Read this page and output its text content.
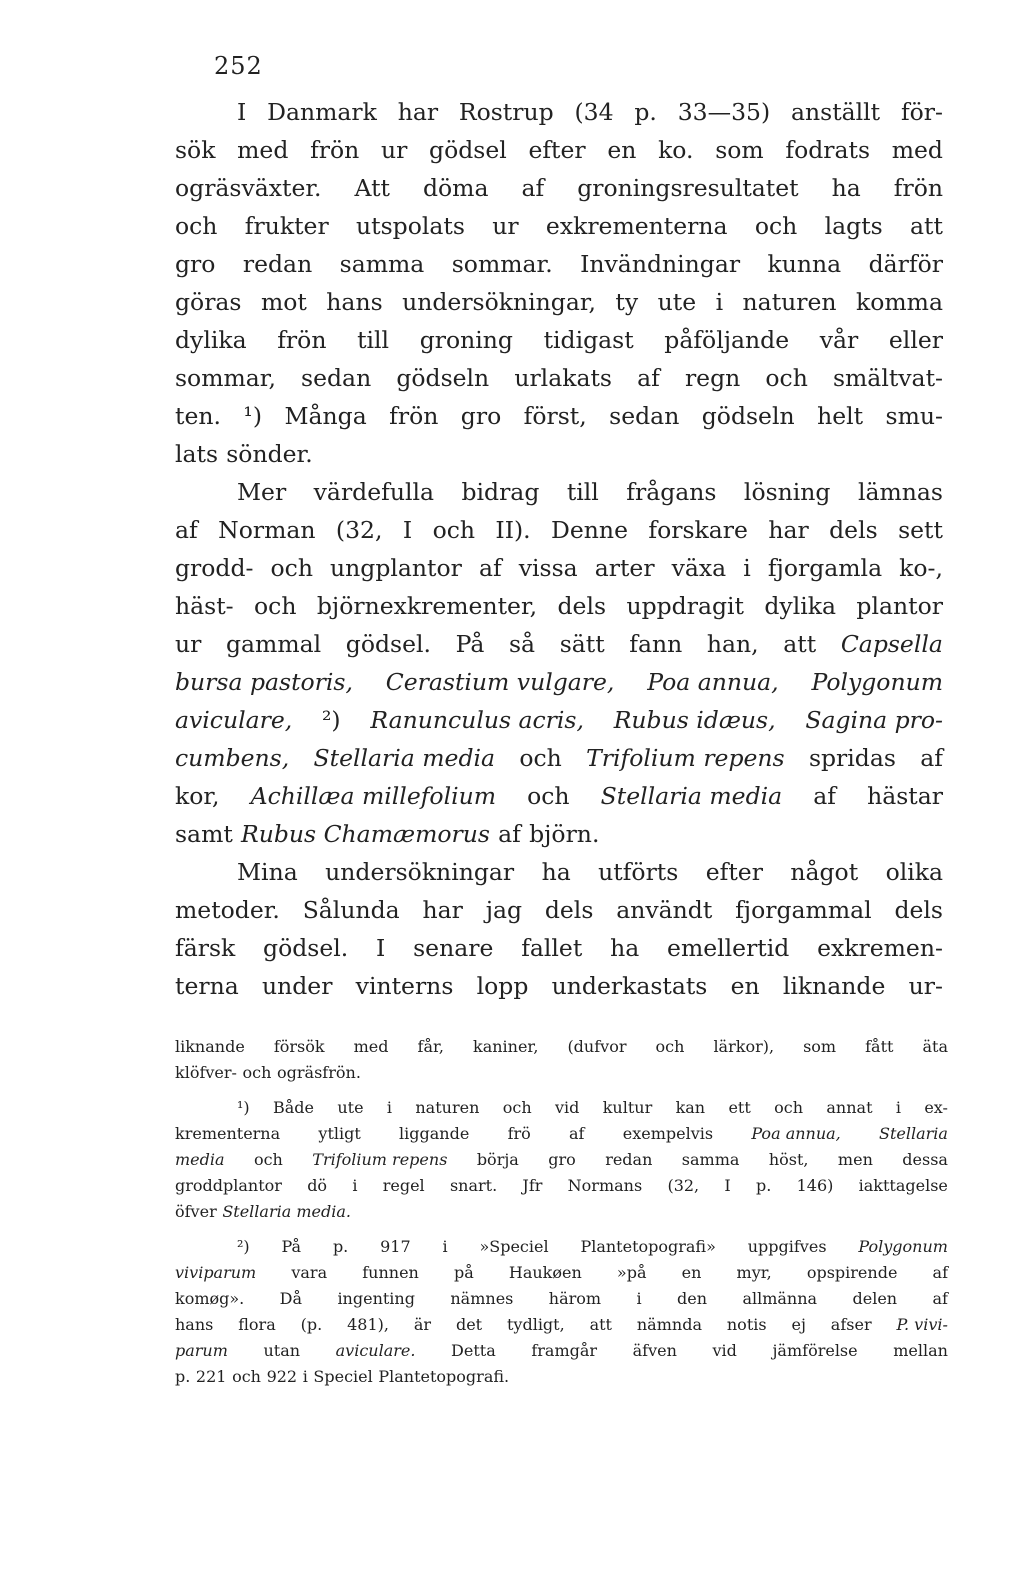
252
I Danmark har Rostrup (34 p. 33—35) anställt för-
sök med frön ur gödsel efter en ko. som fodrats med
ogräsväxter. Att döma af groningsresultatet ha frön
och frukter utspolats ur exkrementerna och lagts att
gro redan samma sommar. Invändningar kunna därför
göras mot hans undersökningar, ty ute i naturen komma
dylika frön till groning tidigast påföljande vår eller
sommar, sedan gödseln urlakats af regn och smältvat-
ten. ¹) Många frön gro först, sedan gödseln helt smu-
lats sönder.
Mer värdefulla bidrag till frågans lösning lämnas
af Norman (32, I och II). Denne forskare har dels sett
grodd- och ungplantor af vissa arter växa i fjorgamla ko-,
häst- och björnexkrementer, dels uppdragit dylika plantor
ur gammal gödsel. På så sätt fann han, att Capsella
bursa pastoris, Cerastium vulgare, Poa annua, Polygonum
aviculare, ²) Ranunculus acris, Rubus idæus, Sagina pro-
cumbens, Stellaria media och Trifolium repens spridas af
kor, Achillæa millefolium och Stellaria media af hästar
samt Rubus Chamæmorus af björn.
Mina undersökningar ha utförts efter något olika
metoder. Sålunda har jag dels användt fjorgammal dels
färsk gödsel. I senare fallet ha emellertid exkremen-
terna under vinterns lopp underkastats en liknande ur-
liknande försök med får, kaniner, (dufvor och lärkor), som fått äta
klöfver- och ogräsfrön.
¹) Både ute i naturen och vid kultur kan ett och annat i ex-
krementerna ytligt liggande frö af exempelvis Poa annua, Stellaria
media och Trifolium repens börja gro redan samma höst, men dessa
groddplantor dö i regel snart. Jfr Normans (32, I p. 146) iakttagelse
öfver Stellaria media.
²) På p. 917 i »Speciel Plantetopografi» uppgifves Polygonum
viviparum vara funnen på Haukøen »på en myr, opspirende af
komøg». Då ingenting nämnes härom i den allmänna delen af
hans flora (p. 481), är det tydligt, att nämnda notis ej afser P. vivi-
parum utan aviculare. Detta framgår äfven vid jämförelse mellan
p. 221 och 922 i Speciel Plantetopografi.
